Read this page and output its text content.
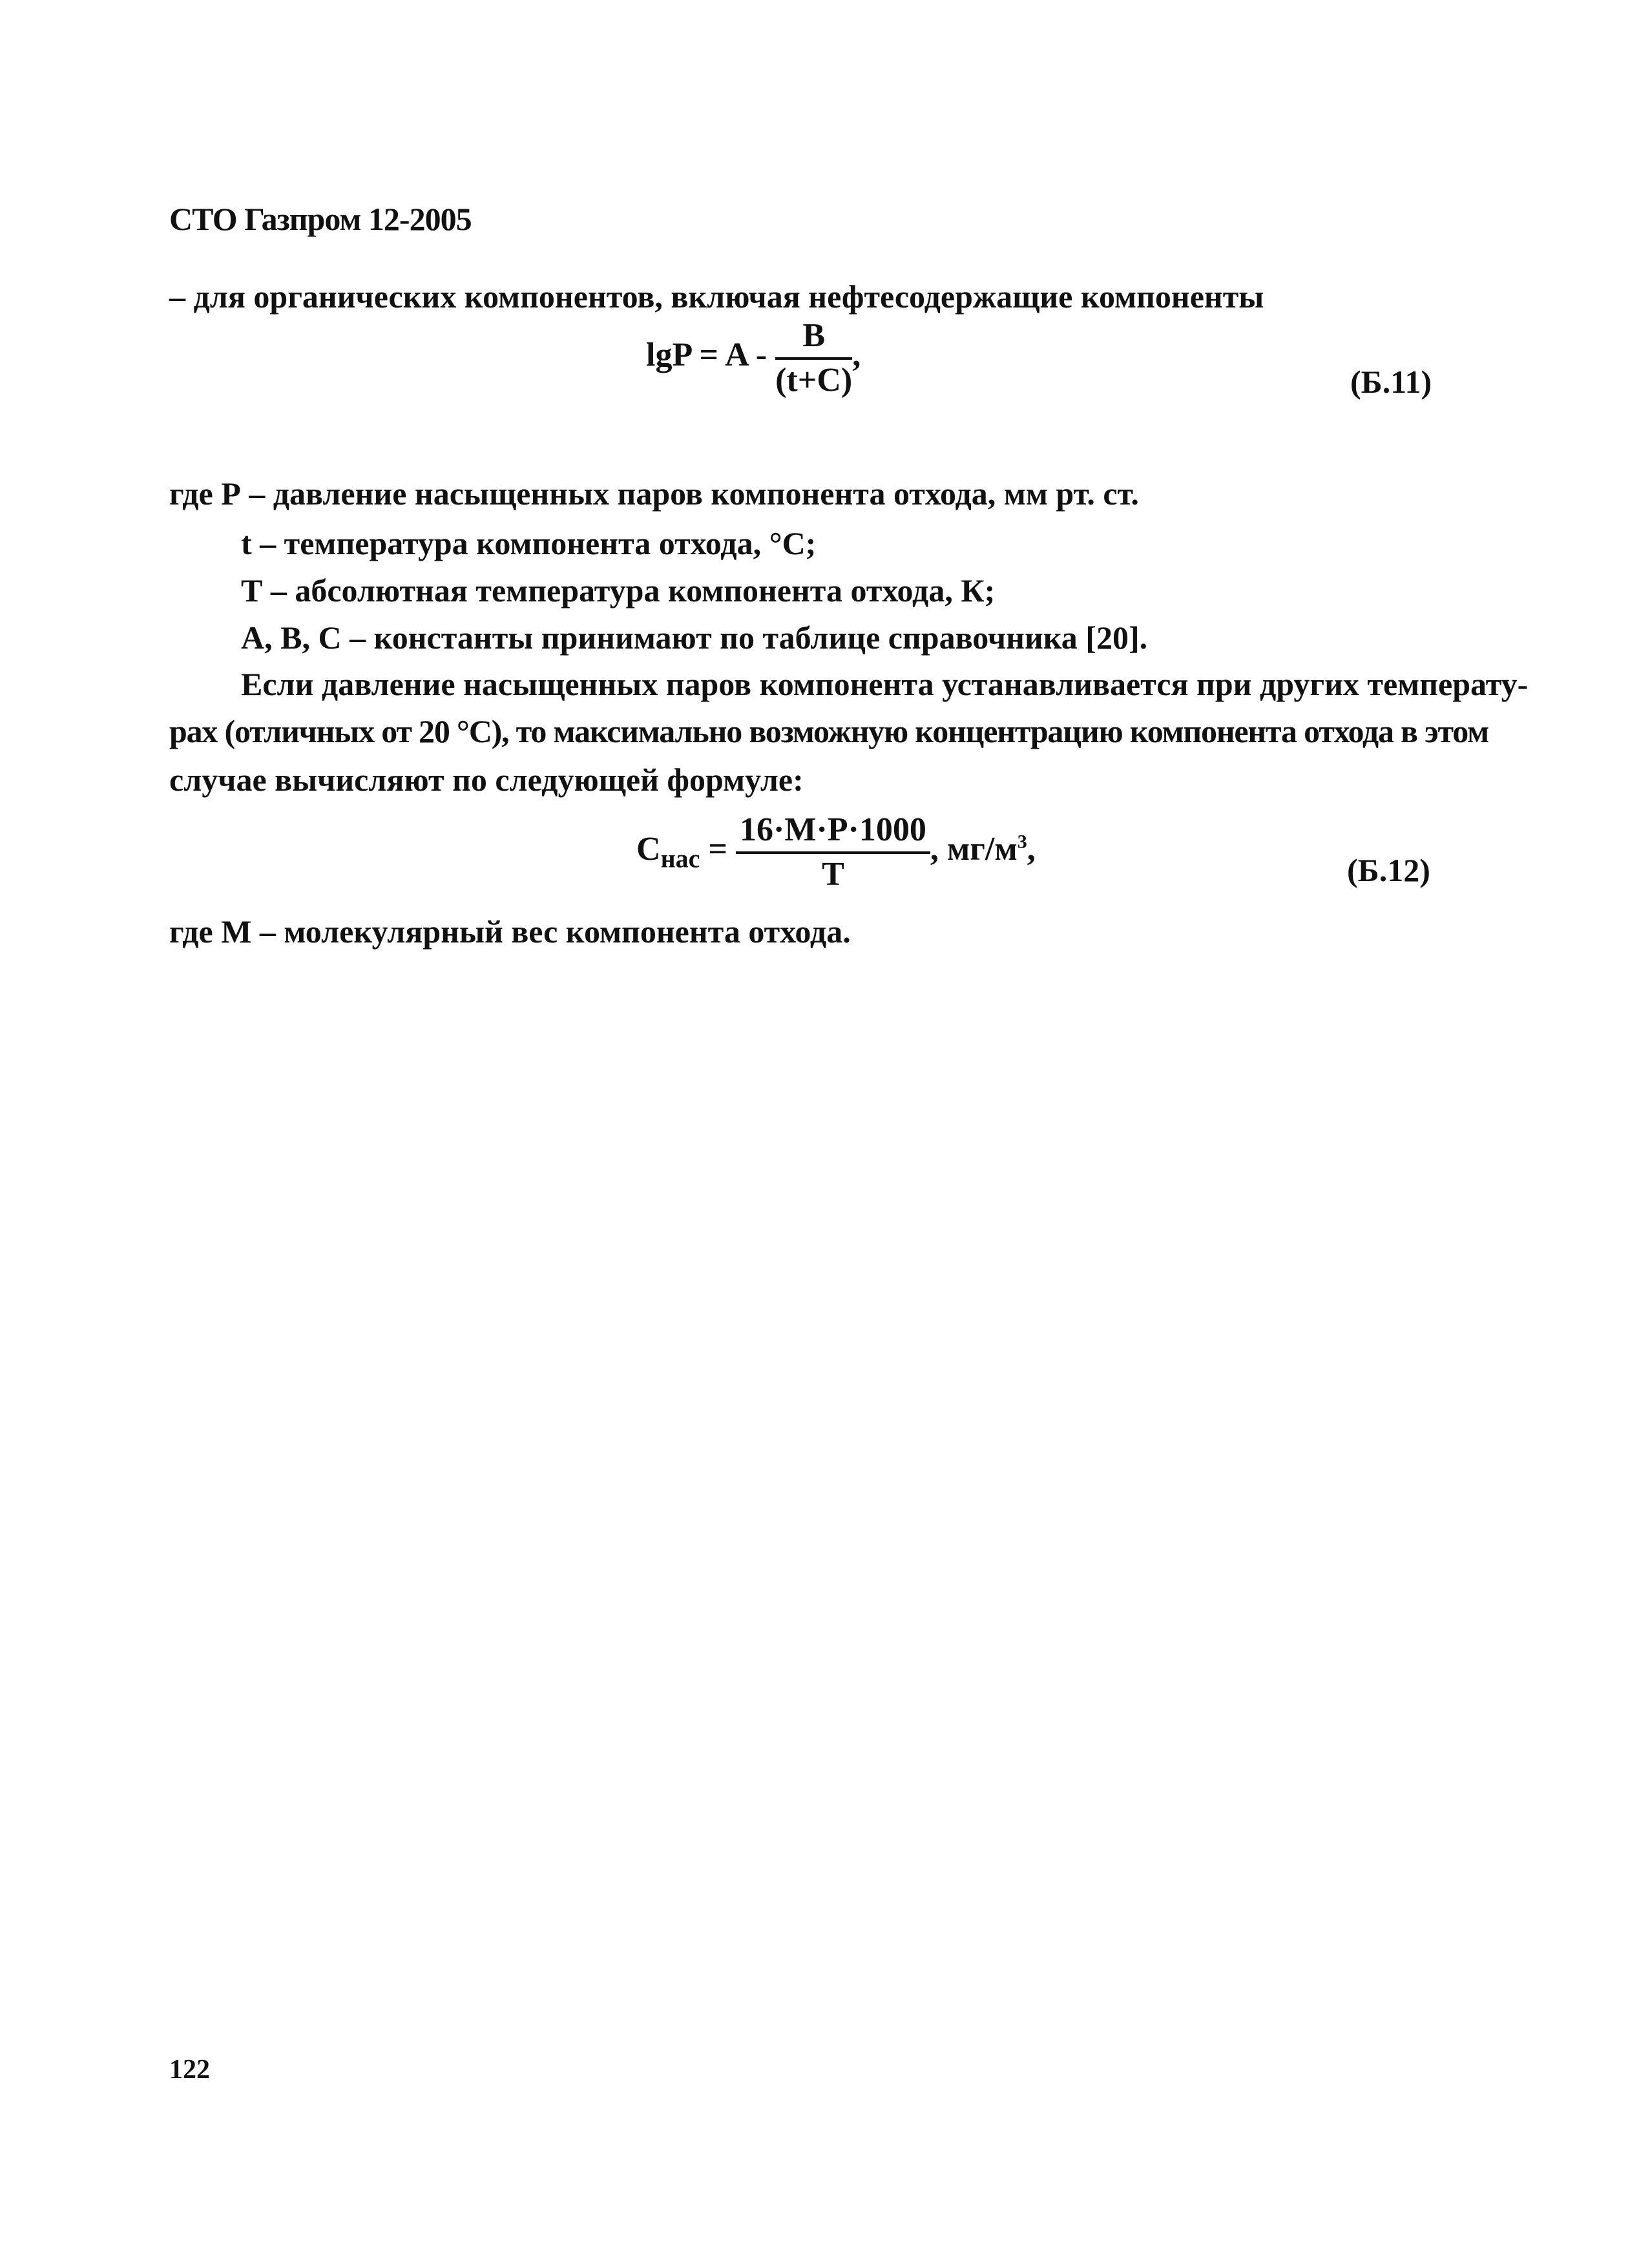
СТО Газпром 12-2005
– для органических компонентов, включая нефтесодержащие компоненты
$\lg P = A - \frac{B}{(t+C)}$ ,
(Б.11)
где Р – давление насыщенных паров компонента отхода, мм рт. ст.
t – температура компонента отхода, °С;
Т – абсолютная температура компонента отхода, К;
А, В, С – константы принимают по таблице справочника [20].
Если давление насыщенных паров компонента устанавливается при других температу-
рах (отличных от 20 °С), то максимально возможную концентрацию компонента отхода в этом
случае вычисляют по следующей формуле:
$С_{нас} = \frac{16\cdot М\cdot Р\cdot 1000}{Т}$ , $мг/м^3$,
(Б.12)
где М – молекулярный вес компонента отхода.
122
